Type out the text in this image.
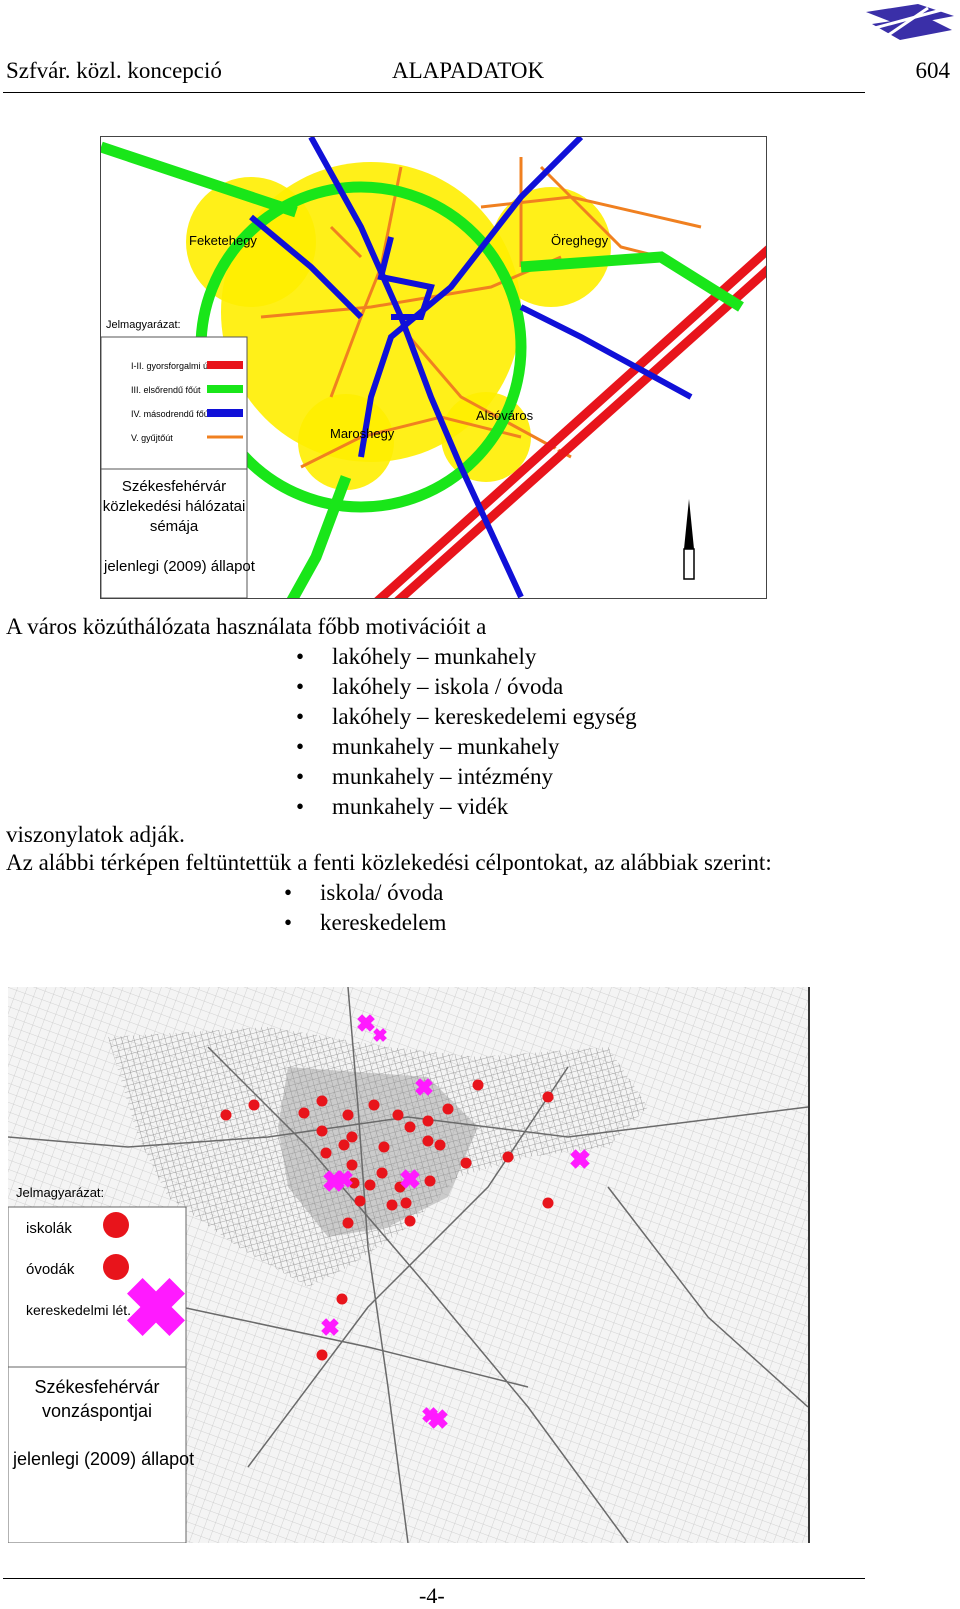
Szfvár. közl. koncepció	ALAPADATOK	604
Feketehegy	Öreghegy
Maroshegy
Alsóváros
Jelmagyarázat:
I-II. gyorsforgalmi út
III. elsőrendű főút
IV. másodrendű főút
V. gyűjtőút
Székesfehérvár
közlekedési hálózatai
sémája
jelenlegi (2009) állapot
A város közúthálózata használata főbb motivációit a
• lakóhely – munkahely
• lakóhely – iskola / óvoda
• lakóhely – kereskedelemi egység
• munkahely – munkahely
• munkahely – intézmény
• munkahely – vidék
viszonylatok adják.
Az alábbi térképen feltüntettük a fenti közlekedési célpontokat, az alábbiak szerint:
• iskola/ óvoda
• kereskedelem
Jelmagyarázat:
iskolák
óvodák
kereskedelmi lét.
Székesfehérvár
vonzáspontjai
jelenlegi (2009) állapot
-4-
